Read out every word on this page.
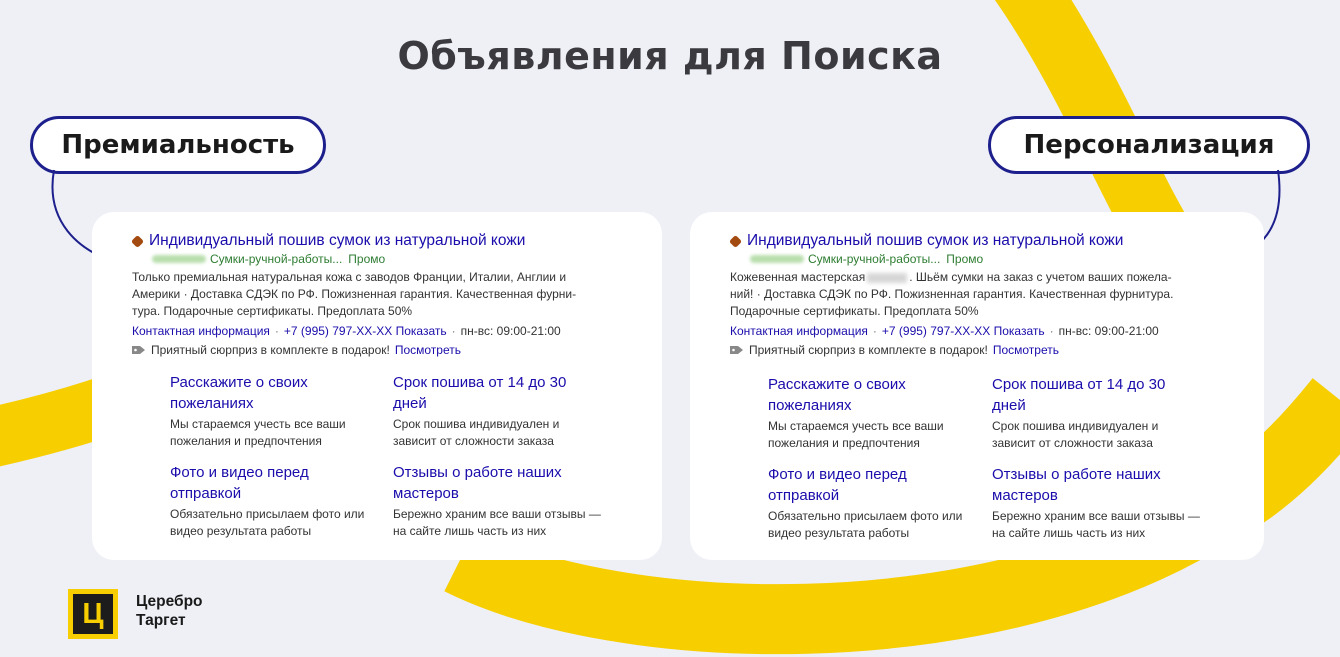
Объявления для Поиска
Премиальность	Персонализация
Индивидуальный пошив сумок из натуральной кожи
Сумки-ручной-работы... Промо
Только премиальная натуральная кожа с заводов Франции, Италии, Англии и
Америки · Доставка СДЭК по РФ. Пожизненная гарантия. Качественная фурни-
тура. Подарочные сертификаты. Предоплата 50%
Контактная информация · +7 (995) 797-XX-XX Показать · пн-вс: 09:00-21:00
Приятный сюрприз в комплекте в подарок! Посмотреть
Расскажите о своих пожеланиях
Мы стараемся учесть все ваши пожелания и предпочтения
Срок пошива от 14 до 30 дней
Срок пошива индивидуален и зависит от сложности заказа
Фото и видео перед отправкой
Обязательно присылаем фото или видео результата работы
Отзывы о работе наших мастеров
Бережно храним все ваши отзывы — на сайте лишь часть из них
Индивидуальный пошив сумок из натуральной кожи
Сумки-ручной-работы... Промо
Кожевенная мастерская	. Шьём сумки на заказ с учетом ваших пожела-
ний! · Доставка СДЭК по РФ. Пожизненная гарантия. Качественная фурнитура.
Подарочные сертификаты. Предоплата 50%
Контактная информация · +7 (995) 797-XX-XX Показать · пн-вс: 09:00-21:00
Приятный сюрприз в комплекте в подарок! Посмотреть
Расскажите о своих пожеланиях
Мы стараемся учесть все ваши пожелания и предпочтения
Срок пошива от 14 до 30 дней
Срок пошива индивидуален и зависит от сложности заказа
Фото и видео перед отправкой
Обязательно присылаем фото или видео результата работы
Отзывы о работе наших мастеров
Бережно храним все ваши отзывы — на сайте лишь часть из них
Ц	Церебро
Таргет
